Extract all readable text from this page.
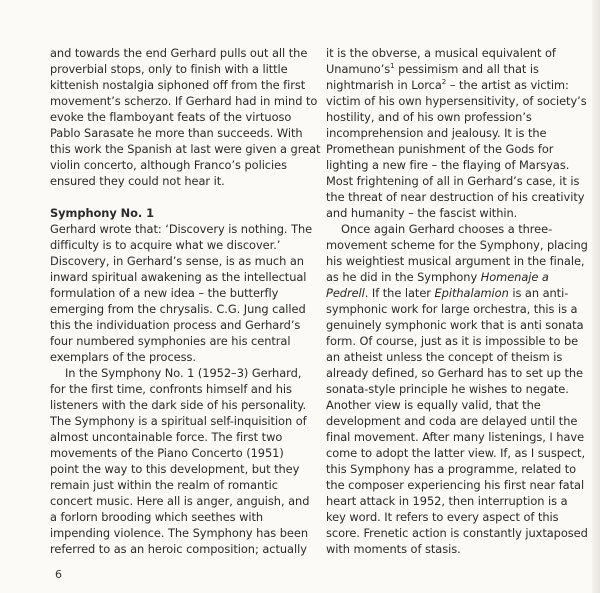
and towards the end Gerhard pulls out all the
proverbial stops, only to finish with a little
kittenish nostalgia siphoned off from the first
movement’s scherzo. If Gerhard had in mind to
evoke the flamboyant feats of the virtuoso
Pablo Sarasate he more than succeeds. With
this work the Spanish at last were given a great
violin concerto, although Franco’s policies
ensured they could not hear it.
Symphony No. 1
Gerhard wrote that: ‘Discovery is nothing. The
difficulty is to acquire what we discover.’
Discovery, in Gerhard’s sense, is as much an
inward spiritual awakening as the intellectual
formulation of a new idea – the butterfly
emerging from the chrysalis. C.G. Jung called
this the individuation process and Gerhard’s
four numbered symphonies are his central
exemplars of the process.
In the Symphony No. 1 (1952–3) Gerhard,
for the first time, confronts himself and his
listeners with the dark side of his personality.
The Symphony is a spiritual self-inquisition of
almost uncontainable force. The first two
movements of the Piano Concerto (1951)
point the way to this development, but they
remain just within the realm of romantic
concert music. Here all is anger, anguish, and
a forlorn brooding which seethes with
impending violence. The Symphony has been
referred to as an heroic composition; actually
it is the obverse, a musical equivalent of
$Unamuno’s^1$ pessimism and all that is
nightmarish in Lorca$^2$ – the artist as victim:
victim of his own hypersensitivity, of society’s
hostility, and of his own profession’s
incomprehension and jealousy. It is the
Promethean punishment of the Gods for
lighting a new fire – the flaying of Marsyas.
Most frightening of all in Gerhard’s case, it is
the threat of near destruction of his creativity
and humanity – the fascist within.
Once again Gerhard chooses a three-
movement scheme for the Symphony, placing
his weightiest musical argument in the finale,
as he did in the Symphony Homenaje a
Pedrell. If the later Epithalamion is an anti-
symphonic work for large orchestra, this is a
genuinely symphonic work that is anti sonata
form. Of course, just as it is impossible to be
an atheist unless the concept of theism is
already defined, so Gerhard has to set up the
sonata-style principle he wishes to negate.
Another view is equally valid, that the
development and coda are delayed until the
final movement. After many listenings, I have
come to adopt the latter view. If, as I suspect,
this Symphony has a programme, related to
the composer experiencing his first near fatal
heart attack in 1952, then interruption is a
key word. It refers to every aspect of this
score. Frenetic action is constantly juxtaposed
with moments of stasis.
6
